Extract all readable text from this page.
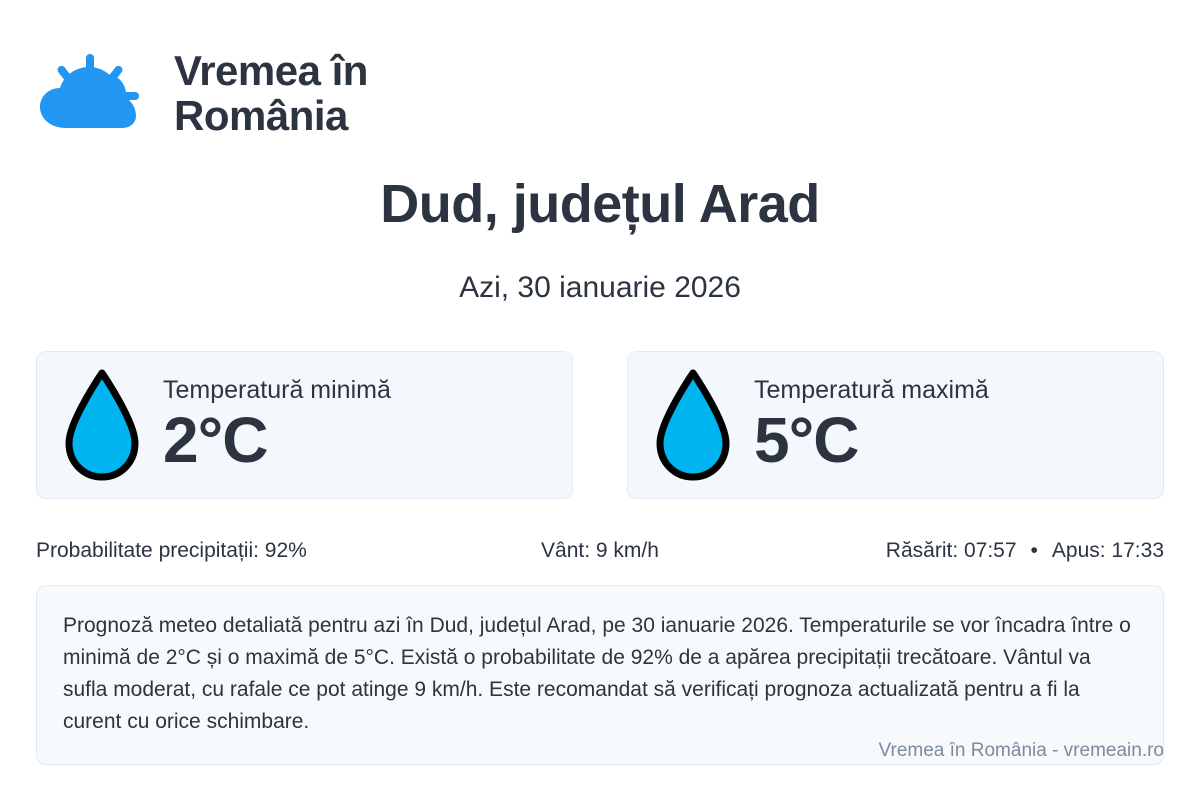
Vremea în
România
Dud, județul Arad
Azi, 30 ianuarie 2026
Temperatură minimă
2°C
Temperatură maximă
5°C
Probabilitate precipitații: 92%	Vânt: 9 km/h	Răsărit: 07:57 • Apus: 17:33
Prognoză meteo detaliată pentru azi în Dud, județul Arad, pe 30 ianuarie 2026. Temperaturile se vor încadra între o minimă de 2°C și o maximă de 5°C. Există o probabilitate de 92% de a apărea precipitații trecătoare. Vântul va sufla moderat, cu rafale ce pot atinge 9 km/h. Este recomandat să verificați prognoza actualizată pentru a fi la curent cu orice schimbare.
Vremea în România - vremeain.ro
